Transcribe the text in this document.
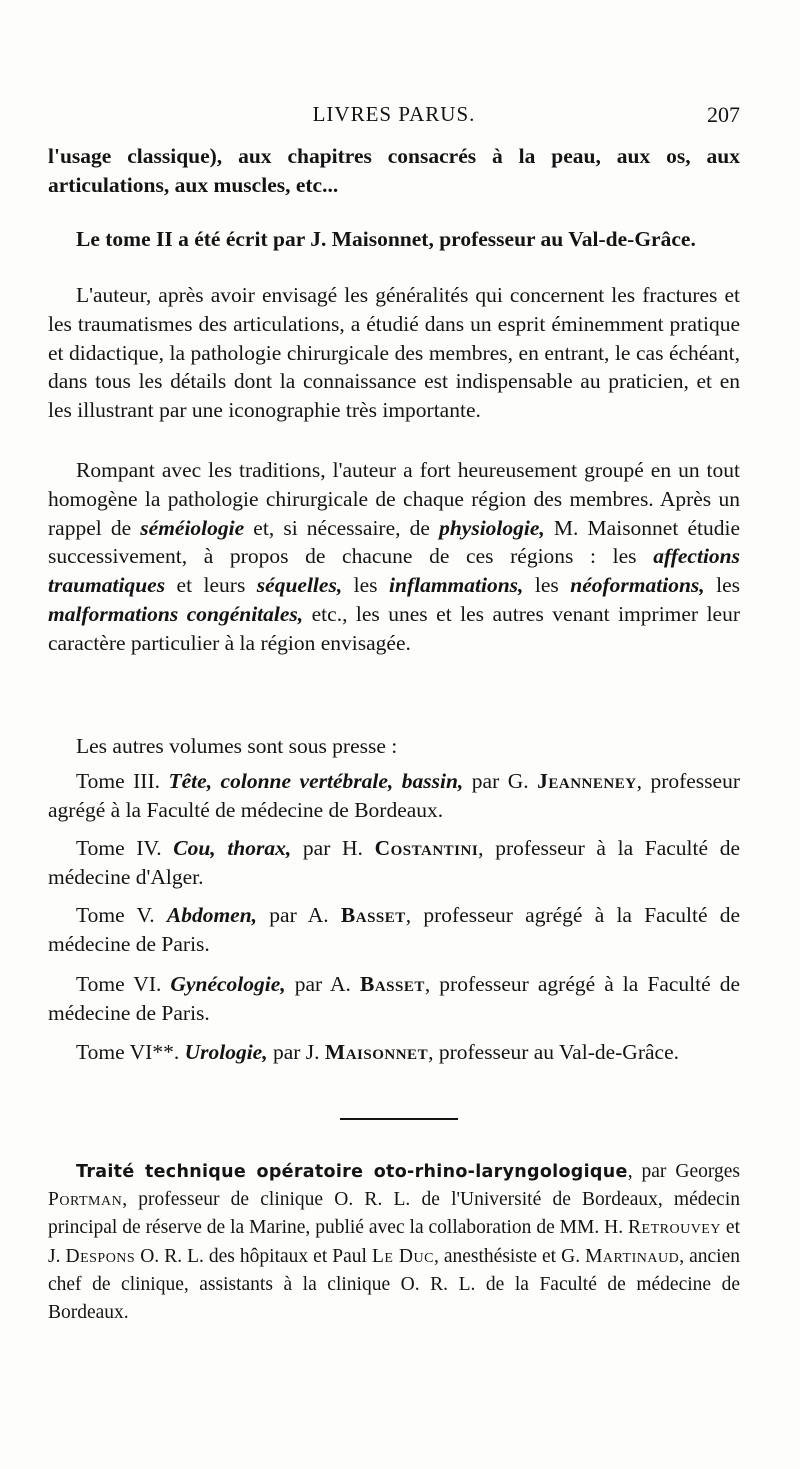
LIVRES PARUS.	207

l'usage classique), aux chapitres consacrés à la peau, aux os, aux articulations, aux muscles, etc...

Le tome II a été écrit par J. Maisonnet, professeur au Val-de-Grâce.

L'auteur, après avoir envisagé les généralités qui concernent les fractures et les traumatismes des articulations, a étudié dans un esprit éminemment pratique et didactique, la pathologie chirurgicale des membres, en entrant, le cas échéant, dans tous les détails dont la connaissance est indispensable au praticien, et en les illustrant par une iconographie très importante.

Rompant avec les traditions, l'auteur a fort heureusement groupé en un tout homogène la pathologie chirurgicale de chaque région des membres. Après un rappel de séméiologie et, si nécessaire, de physiologie, M. Maisonnet étudie successivement, à propos de chacune de ces régions : les affections traumatiques et leurs séquelles, les inflammations, les néoformations, les malformations congénitales, etc., les unes et les autres venant imprimer leur caractère particulier à la région envisagée.

Les autres volumes sont sous presse :

Tome III. Tête, colonne vertébrale, bassin, par G. Jeanneney, professeur agrégé à la Faculté de médecine de Bordeaux.

Tome IV. Cou, thorax, par H. Costantini, professeur à la Faculté de médecine d'Alger.

Tome V. Abdomen, par A. Basset, professeur agrégé à la Faculté de médecine de Paris.

Tome VI. Gynécologie, par A. Basset, professeur agrégé à la Faculté de médecine de Paris.

Tome VI**. Urologie, par J. Maisonnet, professeur au Val-de-Grâce.

Traité technique opératoire oto-rhino-laryngologique, par Georges Portman, professeur de clinique O. R. L. de l'Université de Bordeaux, médecin principal de réserve de la Marine, publié avec la collaboration de MM. H. Retrouvey et J. Despons O. R. L. des hôpitaux et Paul Le Duc, anesthésiste et G. Martinaud, ancien chef de clinique, assistants à la clinique O. R. L. de la Faculté de médecine de Bordeaux.
